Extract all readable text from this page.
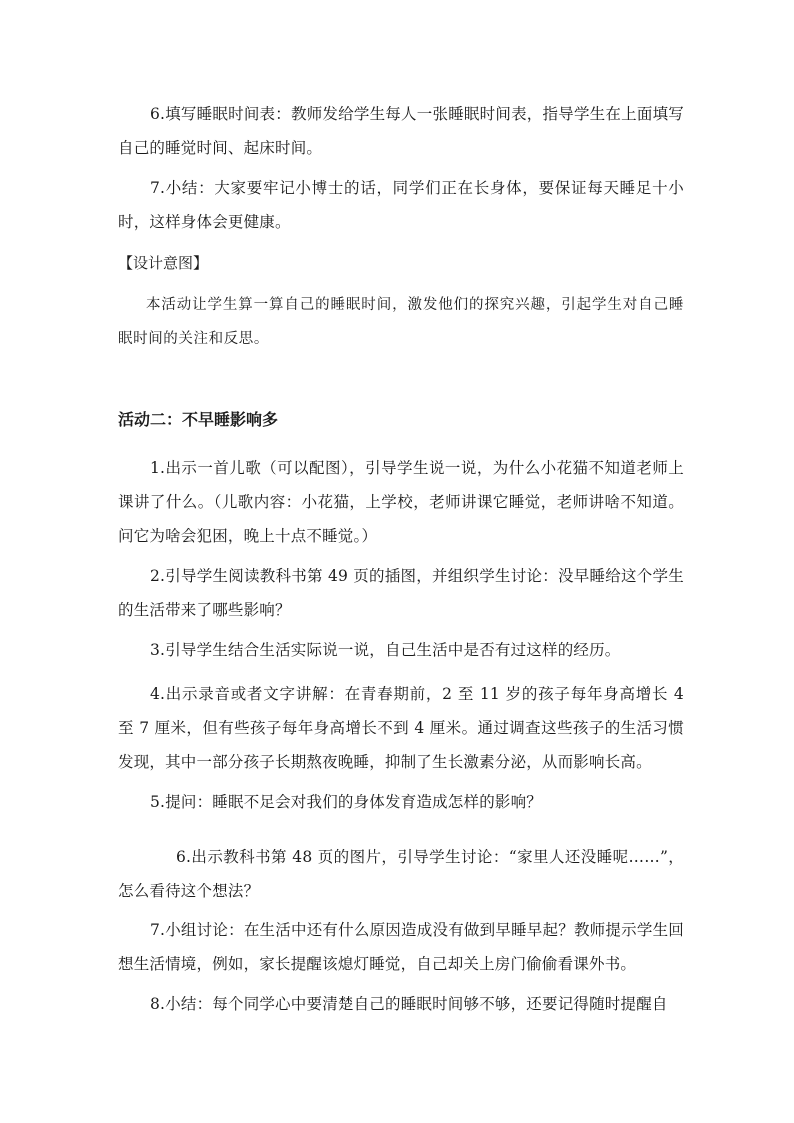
6.填写睡眠时间表：教师发给学生每人一张睡眠时间表，指导学生在上面填写自己的睡觉时间、起床时间。

7.小结：大家要牢记小博士的话，同学们正在长身体，要保证每天睡足十小时，这样身体会更健康。

【设计意图】

本活动让学生算一算自己的睡眠时间，激发他们的探究兴趣，引起学生对自己睡眠时间的关注和反思。

活动二：不早睡影响多

1.出示一首儿歌（可以配图），引导学生说一说，为什么小花猫不知道老师上课讲了什么。（儿歌内容：小花猫，上学校，老师讲课它睡觉，老师讲啥不知道。问它为啥会犯困，晚上十点不睡觉。）

2.引导学生阅读教科书第 49 页的插图，并组织学生讨论：没早睡给这个学生的生活带来了哪些影响？

3.引导学生结合生活实际说一说，自己生活中是否有过这样的经历。

4.出示录音或者文字讲解：在青春期前，2 至 11 岁的孩子每年身高增长 4 至 7 厘米，但有些孩子每年身高增长不到 4 厘米。通过调查这些孩子的生活习惯发现，其中一部分孩子长期熬夜晚睡，抑制了生长激素分泌，从而影响长高。

5.提问：睡眠不足会对我们的身体发育造成怎样的影响？

6.出示教科书第 48 页的图片，引导学生讨论：“家里人还没睡呢……”，怎么看待这个想法？

7.小组讨论：在生活中还有什么原因造成没有做到早睡早起？教师提示学生回想生活情境，例如，家长提醒该熄灯睡觉，自己却关上房门偷偷看课外书。

8.小结：每个同学心中要清楚自己的睡眠时间够不够，还要记得随时提醒自
